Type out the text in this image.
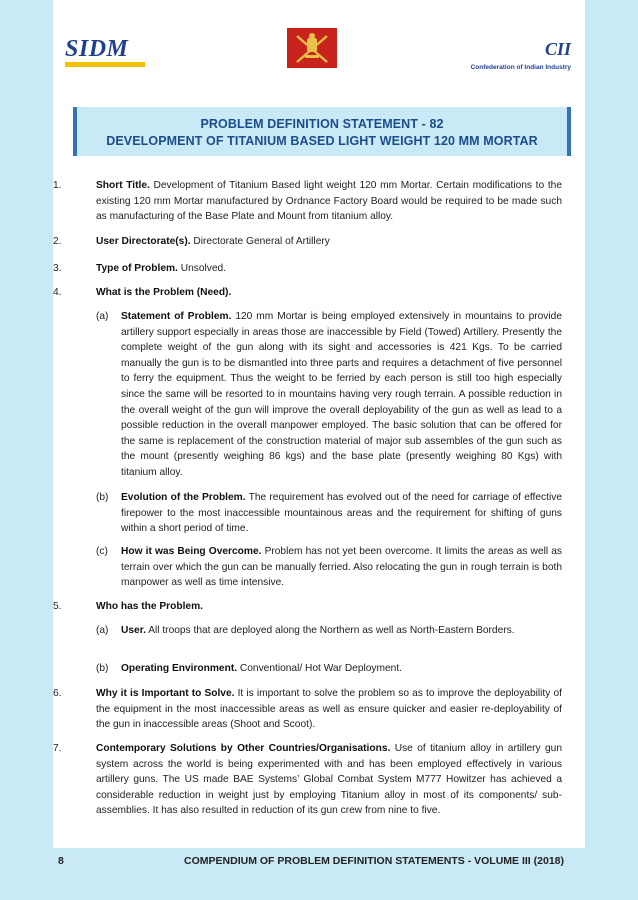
SIDM	CII
Confederation of Indian Industry
PROBLEM DEFINITION STATEMENT - 82
DEVELOPMENT OF TITANIUM BASED LIGHT WEIGHT 120 MM MORTAR
1.	Short Title. Development of Titanium Based light weight 120 mm Mortar. Certain modifications to the existing 120 mm Mortar manufactured by Ordnance Factory Board would be required to be made such as manufacturing of the Base Plate and Mount from titanium alloy.
2.	User Directorate(s). Directorate General of Artillery
3.	Type of Problem. Unsolved.
4.	What is the Problem (Need).
(a) Statement of Problem. 120 mm Mortar is being employed extensively in mountains to provide artillery support especially in areas those are inaccessible by Field (Towed) Artillery. Presently the complete weight of the gun along with its sight and accessories is 421 Kgs. To be carried manually the gun is to be dismantled into three parts and requires a detachment of five personnel to ferry the equipment. Thus the weight to be ferried by each person is still too high especially since the same will be resorted to in mountains having very rough terrain. A possible reduction in the overall weight of the gun will improve the overall deployability of the gun as well as lead to a possible reduction in the overall manpower employed. The basic solution that can be offered for the same is replacement of the construction material of major sub assembles of the gun such as the mount (presently weighing 86 kgs) and the base plate (presently weighing 80 Kgs) with titanium alloy.
(b) Evolution of the Problem. The requirement has evolved out of the need for carriage of effective firepower to the most inaccessible mountainous areas and the requirement for shifting of guns within a short period of time.
(c) How it was Being Overcome. Problem has not yet been overcome. It limits the areas as well as terrain over which the gun can be manually ferried. Also relocating the gun in rough terrain is both manpower as well as time intensive.
5.	Who has the Problem.
(a) User. All troops that are deployed along the Northern as well as North-Eastern Borders.
(b) Operating Environment. Conventional/ Hot War Deployment.
6.	Why it is Important to Solve. It is important to solve the problem so as to improve the deployability of the equipment in the most inaccessible areas as well as ensure quicker and easier re-deployability of the gun in inaccessible areas (Shoot and Scoot).
7.	Contemporary Solutions by Other Countries/Organisations. Use of titanium alloy in artillery gun system across the world is being experimented with and has been employed effectively in various artillery guns. The US made BAE Systems’ Global Combat System M777 Howitzer has achieved a considerable reduction in weight just by employing Titanium alloy in most of its components/ sub-assemblies. It has also resulted in reduction of its gun crew from nine to five.
8	COMPENDIUM OF PROBLEM DEFINITION STATEMENTS - VOLUME III (2018)
